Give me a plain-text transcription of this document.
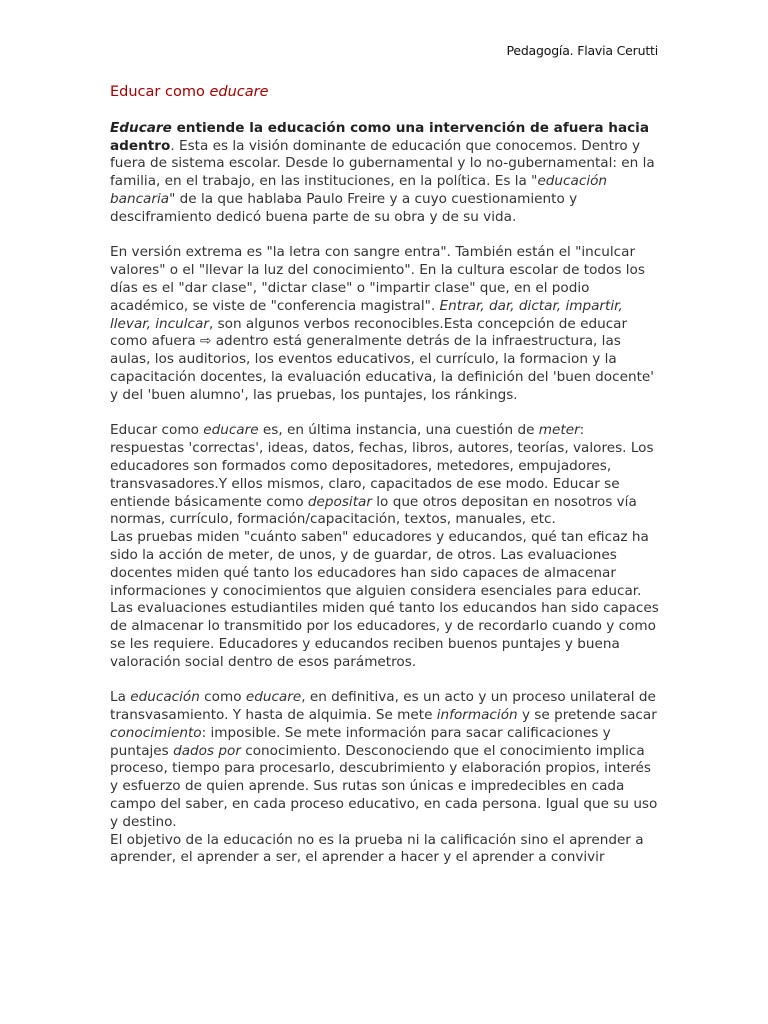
Pedagogía. Flavia Cerutti
Educar como educare

Educare entiende la educación como una intervención de afuera hacia adentro. Esta es la visión dominante de educación que conocemos. Dentro y fuera de sistema escolar. Desde lo gubernamental y lo no-gubernamental: en la familia, en el trabajo, en las instituciones, en la política. Es la "educación bancaria" de la que hablaba Paulo Freire y a cuyo cuestionamiento y desciframiento dedicó buena parte de su obra y de su vida.

En versión extrema es "la letra con sangre entra". También están el "inculcar valores" o el "llevar la luz del conocimiento". En la cultura escolar de todos los días es el "dar clase", "dictar clase" o "impartir clase" que, en el podio académico, se viste de "conferencia magistral". Entrar, dar, dictar, impartir, llevar, inculcar, son algunos verbos reconocibles.Esta concepción de educar como afuera ⇨ adentro está generalmente detrás de la infraestructura, las aulas, los auditorios, los eventos educativos, el currículo, la formacion y la capacitación docentes, la evaluación educativa, la definición del 'buen docente' y del 'buen alumno', las pruebas, los puntajes, los ránkings.

Educar como educare es, en última instancia, una cuestión de meter: respuestas 'correctas', ideas, datos, fechas, libros, autores, teorías, valores. Los educadores son formados como depositadores, metedores, empujadores, transvasadores.Y ellos mismos, claro, capacitados de ese modo. Educar se entiende básicamente como depositar lo que otros depositan en nosotros vía normas, currículo, formación/capacitación, textos, manuales, etc.

Las pruebas miden "cuánto saben" educadores y educandos, qué tan eficaz ha sido la acción de meter, de unos, y de guardar, de otros. Las evaluaciones docentes miden qué tanto los educadores han sido capaces de almacenar informaciones y conocimientos que alguien considera esenciales para educar. Las evaluaciones estudiantiles miden qué tanto los educandos han sido capaces de almacenar lo transmitido por los educadores, y de recordarlo cuando y como se les requiere. Educadores y educandos reciben buenos puntajes y buena valoración social dentro de esos parámetros.

La educación como educare, en definitiva, es un acto y un proceso unilateral de transvasamiento. Y hasta de alquimia. Se mete información y se pretende sacar conocimiento: imposible. Se mete información para sacar calificaciones y puntajes dados por conocimiento. Desconociendo que el conocimiento implica proceso, tiempo para procesarlo, descubrimiento y elaboración propios, interés y esfuerzo de quien aprende. Sus rutas son únicas e impredecibles en cada campo del saber, en cada proceso educativo, en cada persona. Igual que su uso y destino.

El objetivo de la educación no es la prueba ni la calificación sino el aprender a aprender, el aprender a ser, el aprender a hacer y el aprender a convivir
